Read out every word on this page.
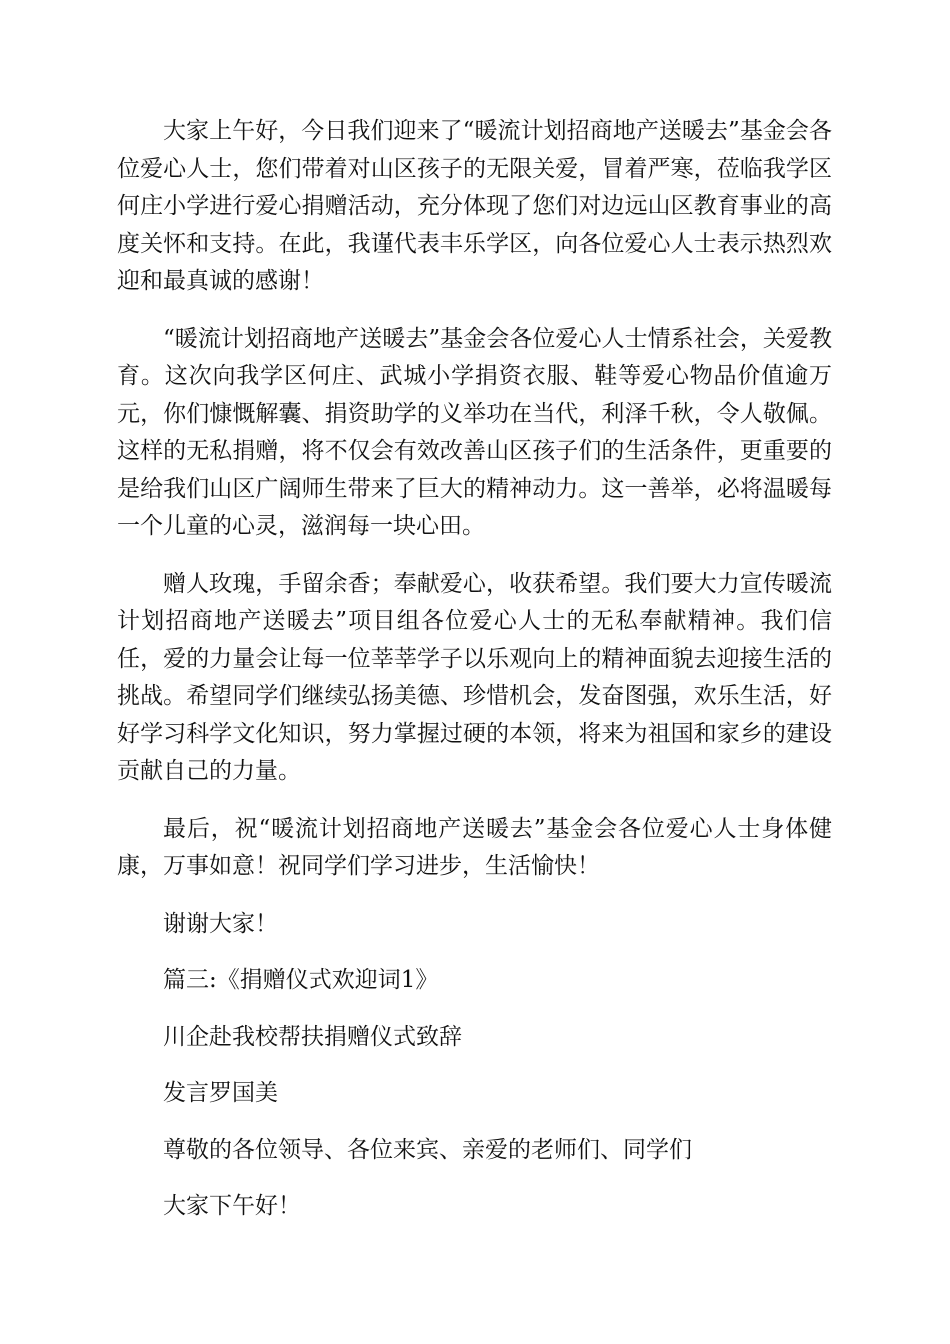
大家上午好，今日我们迎来了“暖流计划招商地产送暖去”基金会各位爱心人士，您们带着对山区孩子的无限关爱，冒着严寒，莅临我学区何庄小学进行爱心捐赠活动，充分体现了您们对边远山区教育事业的高度关怀和支持。在此，我谨代表丰乐学区，向各位爱心人士表示热烈欢迎和最真诚的感谢！

“暖流计划招商地产送暖去”基金会各位爱心人士情系社会，关爱教育。这次向我学区何庄、武城小学捐资衣服、鞋等爱心物品价值逾万元，你们慷慨解囊、捐资助学的义举功在当代，利泽千秋，令人敬佩。这样的无私捐赠，将不仅会有效改善山区孩子们的生活条件，更重要的是给我们山区广阔师生带来了巨大的精神动力。这一善举，必将温暖每一个儿童的心灵，滋润每一块心田。

赠人玫瑰，手留余香；奉献爱心，收获希望。我们要大力宣传暖流计划招商地产送暖去”项目组各位爱心人士的无私奉献精神。我们信任，爱的力量会让每一位莘莘学子以乐观向上的精神面貌去迎接生活的挑战。希望同学们继续弘扬美德、珍惜机会，发奋图强，欢乐生活，好好学习科学文化知识，努力掌握过硬的本领，将来为祖国和家乡的建设贡献自己的力量。

最后，祝“暖流计划招商地产送暖去”基金会各位爱心人士身体健康，万事如意！祝同学们学习进步，生活愉快！

谢谢大家！

篇三:《捐赠仪式欢迎词1》

川企赴我校帮扶捐赠仪式致辞

发言罗国美

尊敬的各位领导、各位来宾、亲爱的老师们、同学们

大家下午好！
